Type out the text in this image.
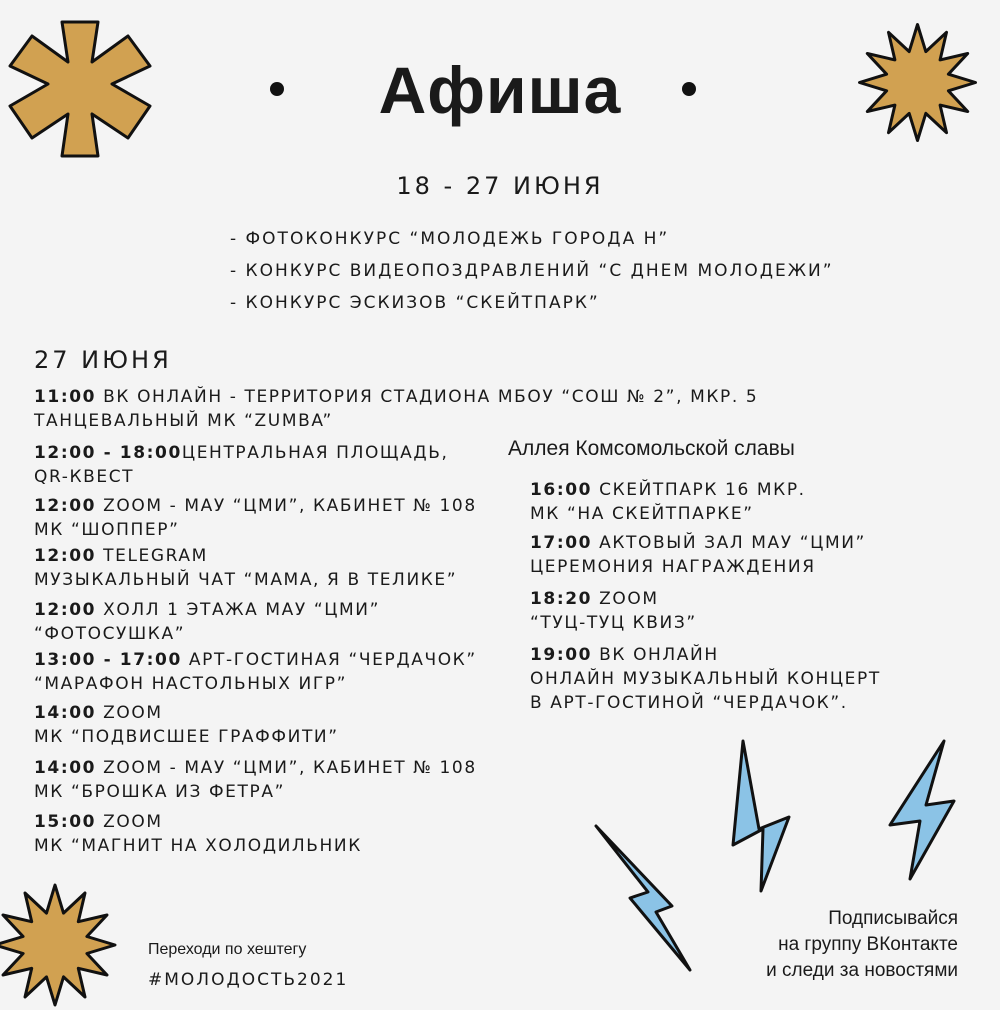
Афиша
18 - 27 ИЮНЯ
- ФОТОКОНКУРС “МОЛОДЕЖЬ ГОРОДА Н”
- КОНКУРС ВИДЕОПОЗДРАВЛЕНИЙ “С ДНЕМ МОЛОДЕЖИ”
- КОНКУРС ЭСКИЗОВ “СКЕЙТПАРК”
27 ИЮНЯ
11:00 ВК ОНЛАЙН - ТЕРРИТОРИЯ СТАДИОНА МБОУ “СОШ № 2”, МКР. 5
ТАНЦЕВАЛЬНЫЙ МК “ZUMBA”
12:00 - 18:00ЦЕНТРАЛЬНАЯ ПЛОЩАДЬ,
QR-КВЕСТ
Аллея Комсомольской славы
12:00 ZOOM - МАУ “ЦМИ”, КАБИНЕТ № 108
МК “ШОППЕР”
12:00 TELEGRAM
МУЗЫКАЛЬНЫЙ ЧАТ “МАМА, Я В ТЕЛИКЕ”
12:00 ХОЛЛ 1 ЭТАЖА МАУ “ЦМИ”
“ФОТОСУШКА”
13:00 - 17:00 АРТ-ГОСТИНАЯ “ЧЕРДАЧОК”
“МАРАФОН НАСТОЛЬНЫХ ИГР”
14:00 ZOOM
МК “ПОДВИСШЕЕ ГРАФФИТИ”
14:00 ZOOM - МАУ “ЦМИ”, КАБИНЕТ № 108
МК “БРОШКА ИЗ ФЕТРА”
15:00 ZOOM
МК “МАГНИТ НА ХОЛОДИЛЬНИК
16:00 СКЕЙТПАРК 16 МКР.
МК “НА СКЕЙТПАРКЕ”
17:00 АКТОВЫЙ ЗАЛ МАУ “ЦМИ”
ЦЕРЕМОНИЯ НАГРАЖДЕНИЯ
18:20 ZOOM
“ТУЦ-ТУЦ КВИЗ”
19:00 ВК ОНЛАЙН
ОНЛАЙН МУЗЫКАЛЬНЫЙ КОНЦЕРТ
В АРТ-ГОСТИНОЙ “ЧЕРДАЧОК”.
Переходи по хештегу
#МОЛОДОСТЬ2021
Подписывайся
на группу ВКонтакте
и следи за новостями
